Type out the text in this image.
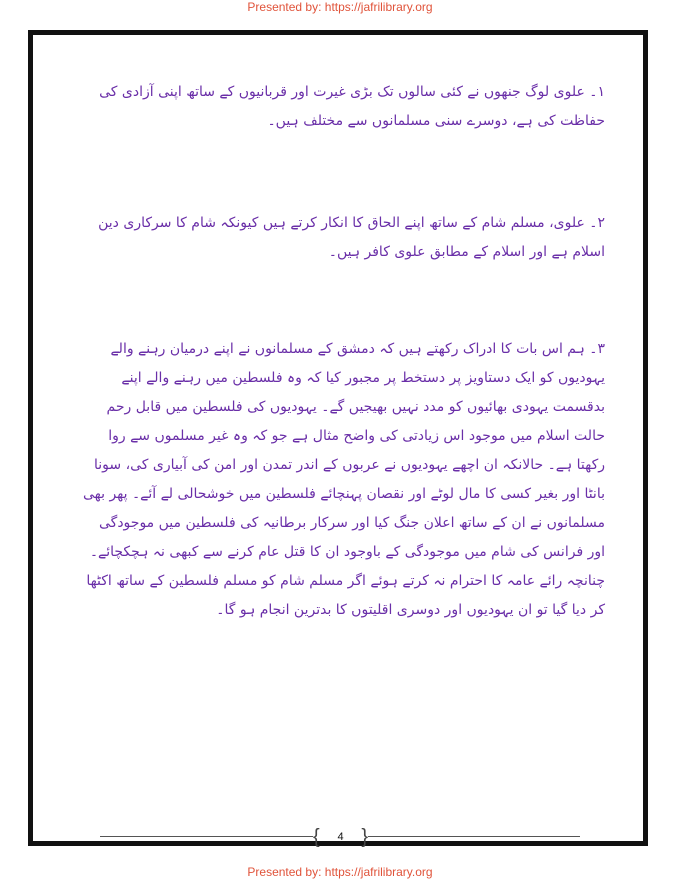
Presented by: https://jafrilibrary.org

۱۔ علوی لوگ جنھوں نے کئی سالوں تک بڑی غیرت اور قربانیوں کے ساتھ اپنی آزادی کی حفاظت کی ہے، دوسرے سنی مسلمانوں سے مختلف ہیں۔

۲۔ علوی، مسلم شام کے ساتھ اپنے الحاق کا انکار کرتے ہیں کیونکہ شام کا سرکاری دین اسلام ہے اور اسلام کے مطابق علوی کافر ہیں۔

۳۔ ہم اس بات کا ادراک رکھتے ہیں کہ دمشق کے مسلمانوں نے اپنے درمیان رہنے والے یہودیوں کو ایک دستاویز پر دستخط پر مجبور کیا کہ وہ فلسطین میں رہنے والے اپنے بدقسمت یہودی بھائیوں کو مدد نہیں بھیجیں گے۔ یہودیوں کی فلسطین میں قابل رحم حالت اسلام میں موجود اس زیادتی کی واضح مثال ہے جو کہ وہ غیر مسلموں سے روا رکھتا ہے۔ حالانکہ ان اچھے یہودیوں نے عربوں کے اندر تمدن اور امن کی آبیاری کی، سونا بانٹا اور بغیر کسی کا مال لوٹے اور نقصان پہنچائے فلسطین میں خوشحالی لے آئے۔ پھر بھی مسلمانوں نے ان کے ساتھ اعلان جنگ کیا اور سرکار برطانیہ کی فلسطین میں موجودگی اور فرانس کی شام میں موجودگی کے باوجود ان کا قتل عام کرنے سے کبھی نہ ہچکچائے۔ چنانچہ رائے عامہ کا احترام نہ کرتے ہوئے اگر مسلم شام کو مسلم فلسطین کے ساتھ اکٹھا کر دیا گیا تو ان یہودیوں اور دوسری اقلیتوں کا بدترین انجام ہو گا۔

{ 4 }
Presented by: https://jafrilibrary.org
